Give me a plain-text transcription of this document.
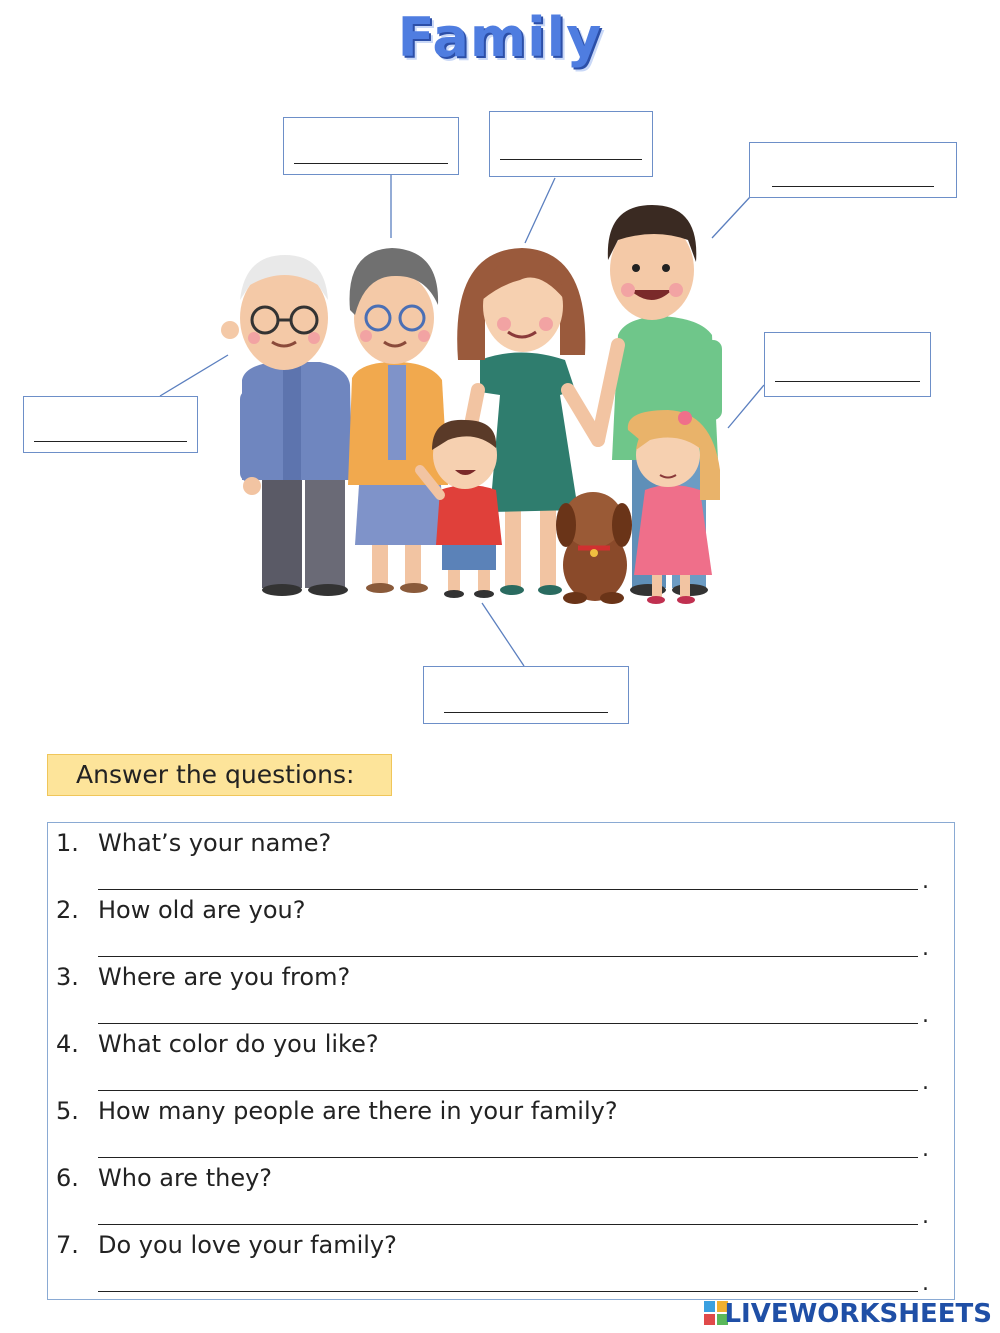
Family
Answer the questions:
1. What’s your name?
.
2. How old are you?
.
3. Where are you from?
.
4. What color do you like?
.
5. How many people are there in your family?
.
6. Who are they?
.
7. Do you love your family?
.
LIVEWORKSHEETS
